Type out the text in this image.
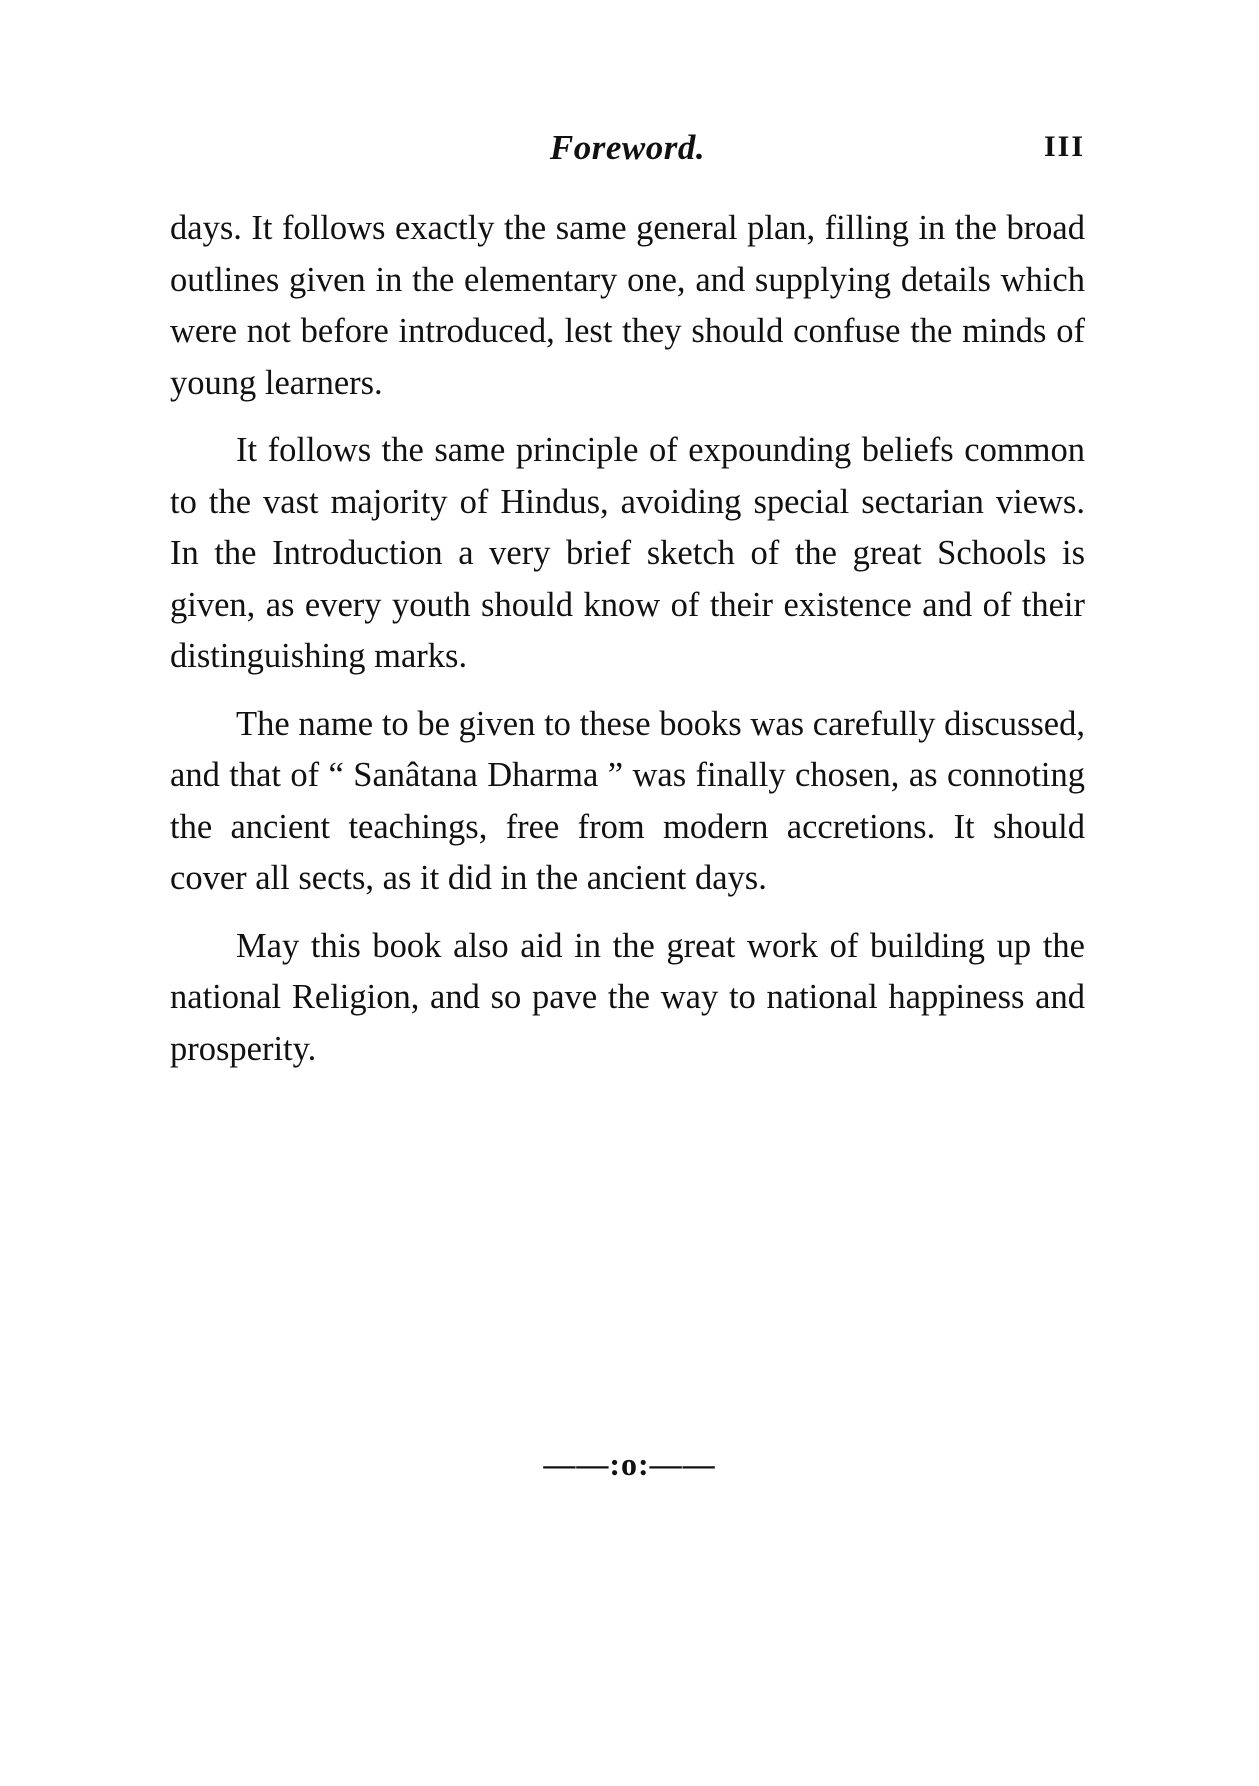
Foreword.	III

days. It follows exactly the same general plan, filling in the broad outlines given in the elementary one, and supplying details which were not before introduced, lest they should confuse the minds of young learners.

It follows the same principle of expounding beliefs common to the vast majority of Hindus, avoiding special sectarian views. In the Introduction a very brief sketch of the great Schools is given, as every youth should know of their existence and of their distinguishing marks.

The name to be given to these books was carefully discussed, and that of “ Sanâtana Dharma ” was finally chosen, as connoting the ancient teachings, free from modern accretions. It should cover all sects, as it did in the ancient days.

May this book also aid in the great work of building up the national Religion, and so pave the way to national happiness and prosperity.

——:o:——
